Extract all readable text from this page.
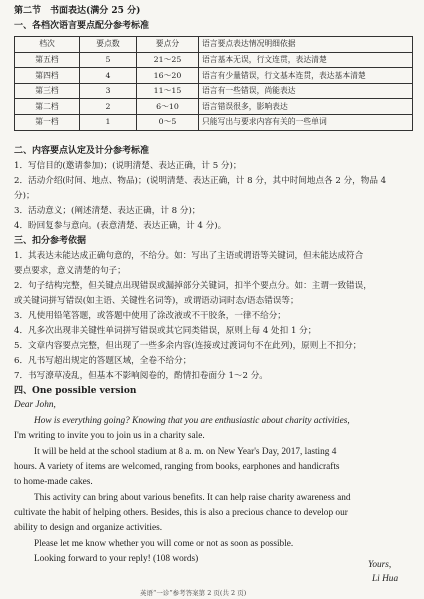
第二节　书面表达(满分 25 分)
一、各档次语言要点配分参考标准
档次	要点数	要点分	语言要点表达情况明细依据
第五档	5	21～25	语言基本无误，行文连贯，表达清楚
第四档	4	16～20	语言有少量错误，行文基本连贯，表达基本清楚
第三档	3	11～15	语言有一些错误，尚能表达
第二档	2	6～10	语言错误很多，影响表达
第一档	1	0～5	只能写出与要求内容有关的一些单词
二、内容要点认定及计分参考标准
1．写信目的(邀请参加)；(说明清楚、表达正确，计 5 分)；
2．活动介绍(时间、地点、物品)；(说明清楚、表达正确，计 8 分，其中时间地点各 2 分，物品 4
分)；
3．活动意义；(阐述清楚、表达正确，计 8 分)；
4．盼回复参与意向。(表意清楚、表达正确，计 4 分)。
三、扣分参考依据
1．其表达未能达成正确句意的，不给分。如：写出了主语或谓语等关键词，但未能达成符合
要点要求，意义清楚的句子；
2．句子结构完整，但关键点出现错误或漏掉部分关键词，扣半个要点分。如：主谓一致错误，
或关键词拼写错误(如主语、关键性名词等)，或谓语动词时态/语态错误等；
3．凡使用铅笔答题，或答题中使用了涂改液或不干胶条，一律不给分；
4．凡多次出现非关键性单词拼写错误或其它同类错误，原则上每 4 处扣 1 分；
5．文章内容要点完整，但出现了一些多余内容(连接或过渡词句不在此列)，原则上不扣分；
6．凡书写超出规定的答题区域，全卷不给分；
7．书写潦草凌乱，但基本不影响阅卷的，酌情扣卷面分 1～2 分。
四、One possible version
Dear John,
How is everything going? Knowing that you are enthusiastic about charity activities,
I'm writing to invite you to join us in a charity sale.
It will be held at the school stadium at 8 a. m. on New Year's Day, 2017, lasting 4
hours. A variety of items are welcomed, ranging from books, earphones and handicrafts
to home-made cakes.
This activity can bring about various benefits. It can help raise charity awareness and
cultivate the habit of helping others. Besides, this is also a precious chance to develop our
ability to design and organize activities.
Please let me know whether you will come or not as soon as possible.
Looking forward to your reply! (108 words)
Yours,
Li Hua
英语“一诊”参考答案第 2 页(共 2 页)
